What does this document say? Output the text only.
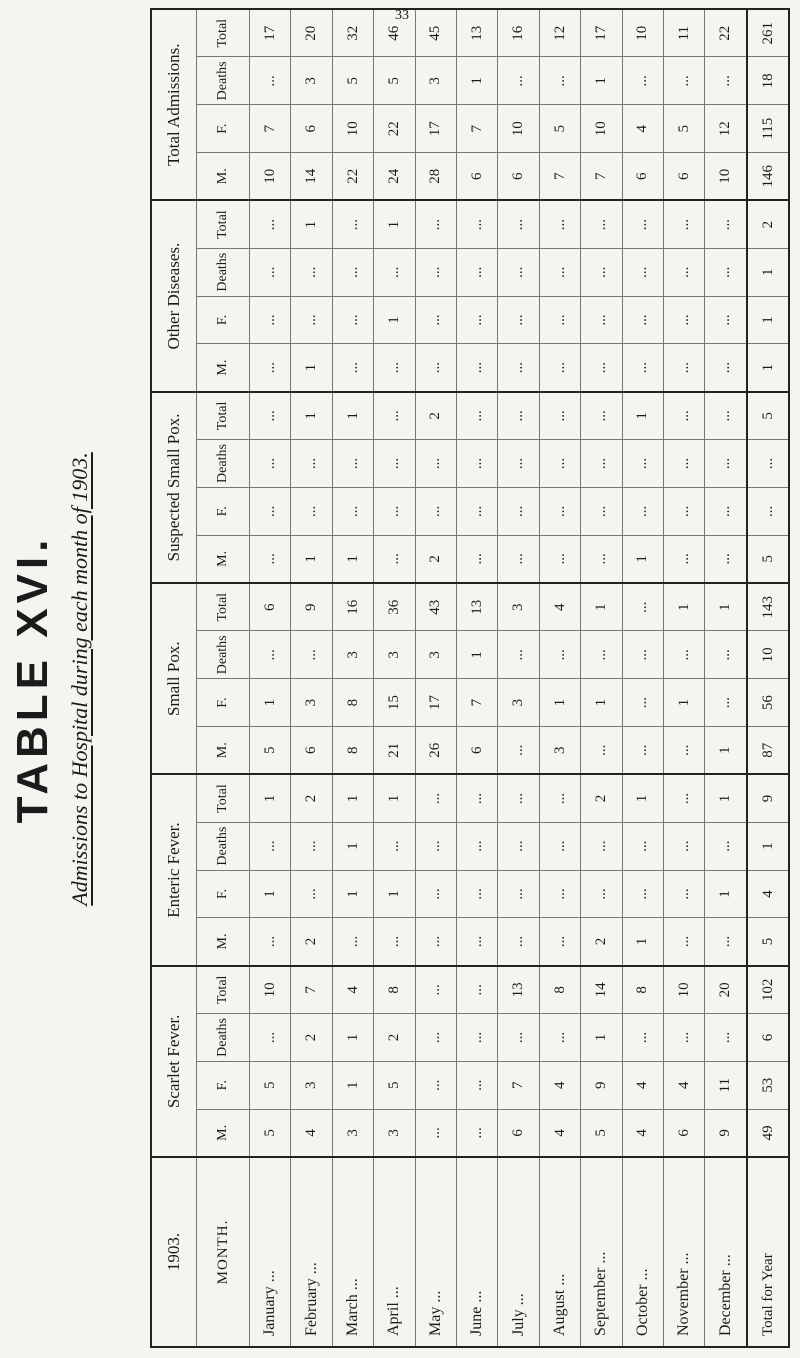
33
TABLE XVI. Admissions to Hospital during each month of 1903.
1903.	Scarlet Fever.				Enteric Fever.				Small Pox.				Suspected Small Pox.				Other Diseases.				Total Admissions.			
MONTH.	M.	F.	Deaths	Total	M.	F.	Deaths	Total	M.	F.	Deaths	Total	M.	F.	Deaths	Total	M.	F.	Deaths	Total	M.	F.	Deaths	Total
January ...	5	5	...	10	...	1	...	1	5	1	...	6	...	...	...	...	...	...	...	...	10	7	...	17
February ...	4	3	2	7	2	...	...	2	6	3	...	9	1	...	...	1	1	...	...	1	14	6	3	20
March ...	3	1	1	4	...	1	1	1	8	8	3	16	1	...	...	1	...	...	...	...	22	10	5	32
April ...	3	5	2	8	...	1	...	1	21	15	3	36	...	...	...	...	...	1	...	1	24	22	5	46
May ...	...	...	...	...	...	...	...	...	26	17	3	43	2	...	...	2	...	...	...	...	28	17	3	45
June ...	...	...	...	...	...	...	...	...	6	7	1	13	...	...	...	...	...	...	...	...	6	7	1	13
July ...	6	7	...	13	...	...	...	...	...	3	...	3	...	...	...	...	...	...	...	...	6	10	...	16
August ...	4	4	...	8	...	...	...	...	3	1	...	4	...	...	...	...	...	...	...	...	7	5	...	12
September ...	5	9	1	14	2	...	...	2	...	1	...	1	...	...	...	...	...	...	...	...	7	10	1	17
October ...	4	4	...	8	1	...	...	1	...	...	...	...	1	...	...	1	...	...	...	...	6	4	...	10
November ...	6	4	...	10	...	...	...	...	...	1	...	1	...	...	...	...	...	...	...	...	6	5	...	11
December ...	9	11	...	20	...	1	...	1	1	...	...	1	...	...	...	...	...	...	...	...	10	12	...	22
Total for Year	49	53	6	102	5	4	1	9	87	56	10	143	5	...	...	5	1	1	1	2	146	115	18	261
